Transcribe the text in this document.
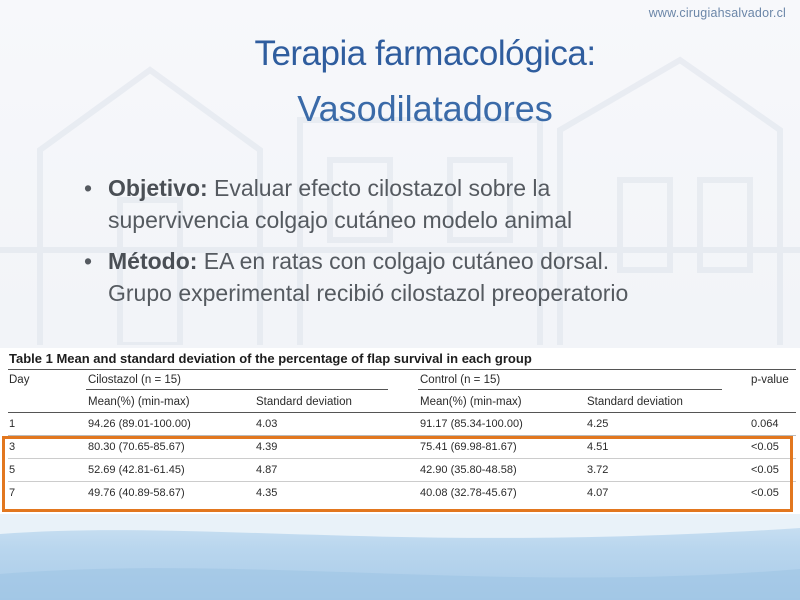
www.cirugiahsalvador.cl
Terapia farmacológica:
Vasodilatadores
• Objetivo: Evaluar efecto cilostazol sobre la
supervivencia colgajo cutáneo modelo animal
• Método: EA en ratas con colgajo cutáneo dorsal.
Grupo experimental recibió cilostazol preoperatorio
Table 1 Mean and standard deviation of the percentage of flap survival in each group
Day	Cilostazol (n = 15)	Control (n = 15)	p-value
Mean(%) (min-max)	Standard deviation	Mean(%) (min-max)	Standard deviation
1	94.26 (89.01-100.00)	4.03	91.17 (85.34-100.00)	4.25	0.064
3	80.30 (70.65-85.67)	4.39	75.41 (69.98-81.67)	4.51	<0.05
5	52.69 (42.81-61.45)	4.87	42.90 (35.80-48.58)	3.72	<0.05
7	49.76 (40.89-58.67)	4.35	40.08 (32.78-45.67)	4.07	<0.05
